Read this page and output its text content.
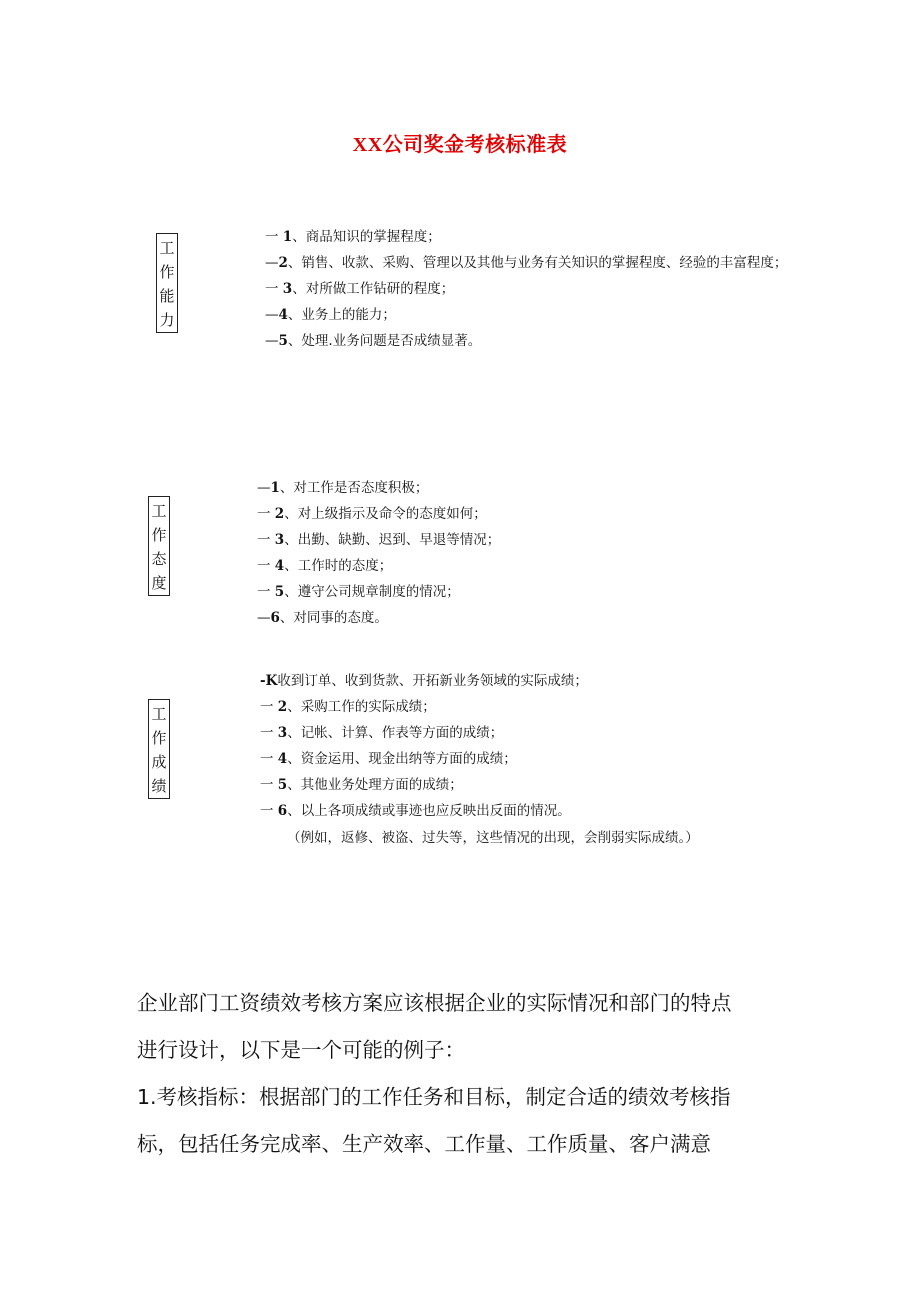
XX公司奖金考核标准表
工
作
能
力
一 1、商品知识的掌握程度；
—2、销售、收款、采购、管理以及其他与业务有关知识的掌握程度、经验的丰富程度；
一 3、对所做工作钻研的程度；
—4、业务上的能力；
—5、处理.业务问题是否成绩显著。
工
作
态
度
—1、对工作是否态度积极；
一 2、对上级指示及命令的态度如何；
一 3、出勤、缺勤、迟到、早退等情况；
一 4、工作时的态度；
一 5、遵守公司规章制度的情况；
—6、对同事的态度。
工
作
成
绩
-K收到订单、收到货款、开拓新业务领域的实际成绩；
一 2、采购工作的实际成绩；
一 3、记帐、计算、作表等方面的成绩；
一 4、资金运用、现金出纳等方面的成绩；
一 5、其他业务处理方面的成绩；
一 6、以上各项成绩或事迹也应反映出反面的情况。
（例如，返修、被盗、过失等，这些情况的出现，会削弱实际成绩。）
企业部门工资绩效考核方案应该根据企业的实际情况和部门的特点
进行设计，以下是一个可能的例子：
1.考核指标：根据部门的工作任务和目标，制定合适的绩效考核指
标，包括任务完成率、生产效率、工作量、工作质量、客户满意
